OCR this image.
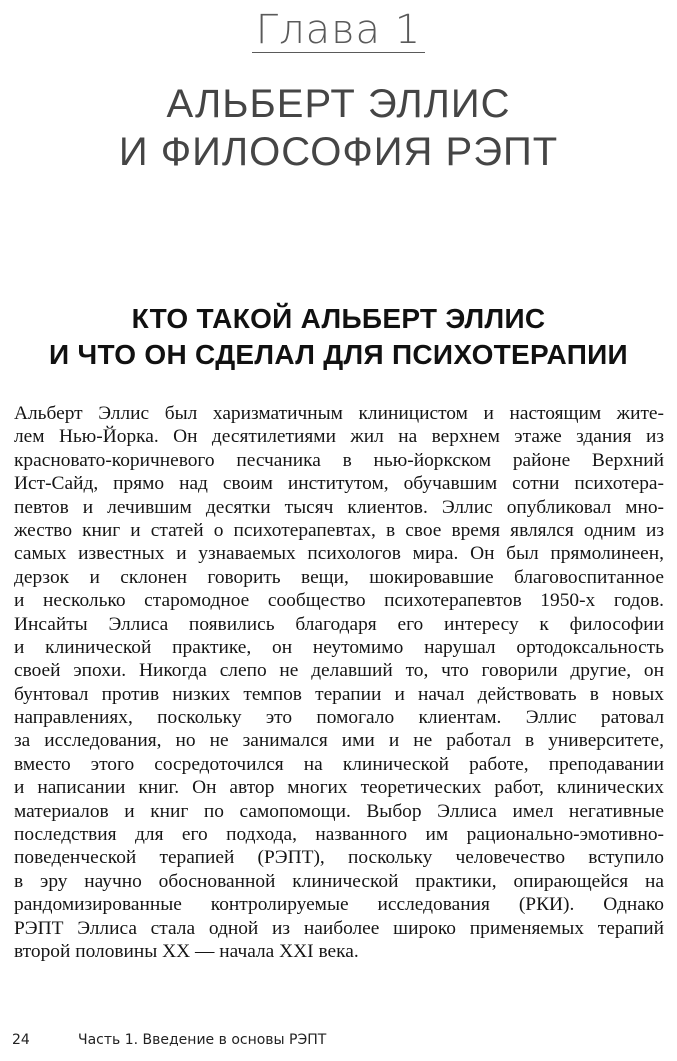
Глава 1
АЛЬБЕРТ ЭЛЛИС
И ФИЛОСОФИЯ РЭПТ
КТО ТАКОЙ АЛЬБЕРТ ЭЛЛИС
И ЧТО ОН СДЕЛАЛ ДЛЯ ПСИХОТЕРАПИИ

Альберт Эллис был харизматичным клиницистом и настоящим жите-
лем Нью-Йорка. Он десятилетиями жил на верхнем этаже здания из
красновато-коричневого песчаника в нью-йоркском районе Верхний
Ист-Сайд, прямо над своим институтом, обучавшим сотни психотера-
певтов и лечившим десятки тысяч клиентов. Эллис опубликовал мно-
жество книг и статей о психотерапевтах, в свое время являлся одним из
самых известных и узнаваемых психологов мира. Он был прямолинеен,
дерзок и склонен говорить вещи, шокировавшие благовоспитанное
и несколько старомодное сообщество психотерапевтов 1950-х годов.
Инсайты Эллиса появились благодаря его интересу к философии
и клинической практике, он неутомимо нарушал ортодоксальность
своей эпохи. Никогда слепо не делавший то, что говорили другие, он
бунтовал против низких темпов терапии и начал действовать в новых
направлениях, поскольку это помогало клиентам. Эллис ратовал
за исследования, но не занимался ими и не работал в университете,
вместо этого сосредоточился на клинической работе, преподавании
и написании книг. Он автор многих теоретических работ, клинических
материалов и книг по самопомощи. Выбор Эллиса имел негативные
последствия для его подхода, названного им рационально-эмотивно-
поведенческой терапией (РЭПТ), поскольку человечество вступило
в эру научно обоснованной клинической практики, опирающейся на
рандомизированные контролируемые исследования (РКИ). Однако
РЭПТ Эллиса стала одной из наиболее широко применяемых терапий
второй половины XX — начала XXI века.

24	Часть 1. Введение в основы РЭПТ
